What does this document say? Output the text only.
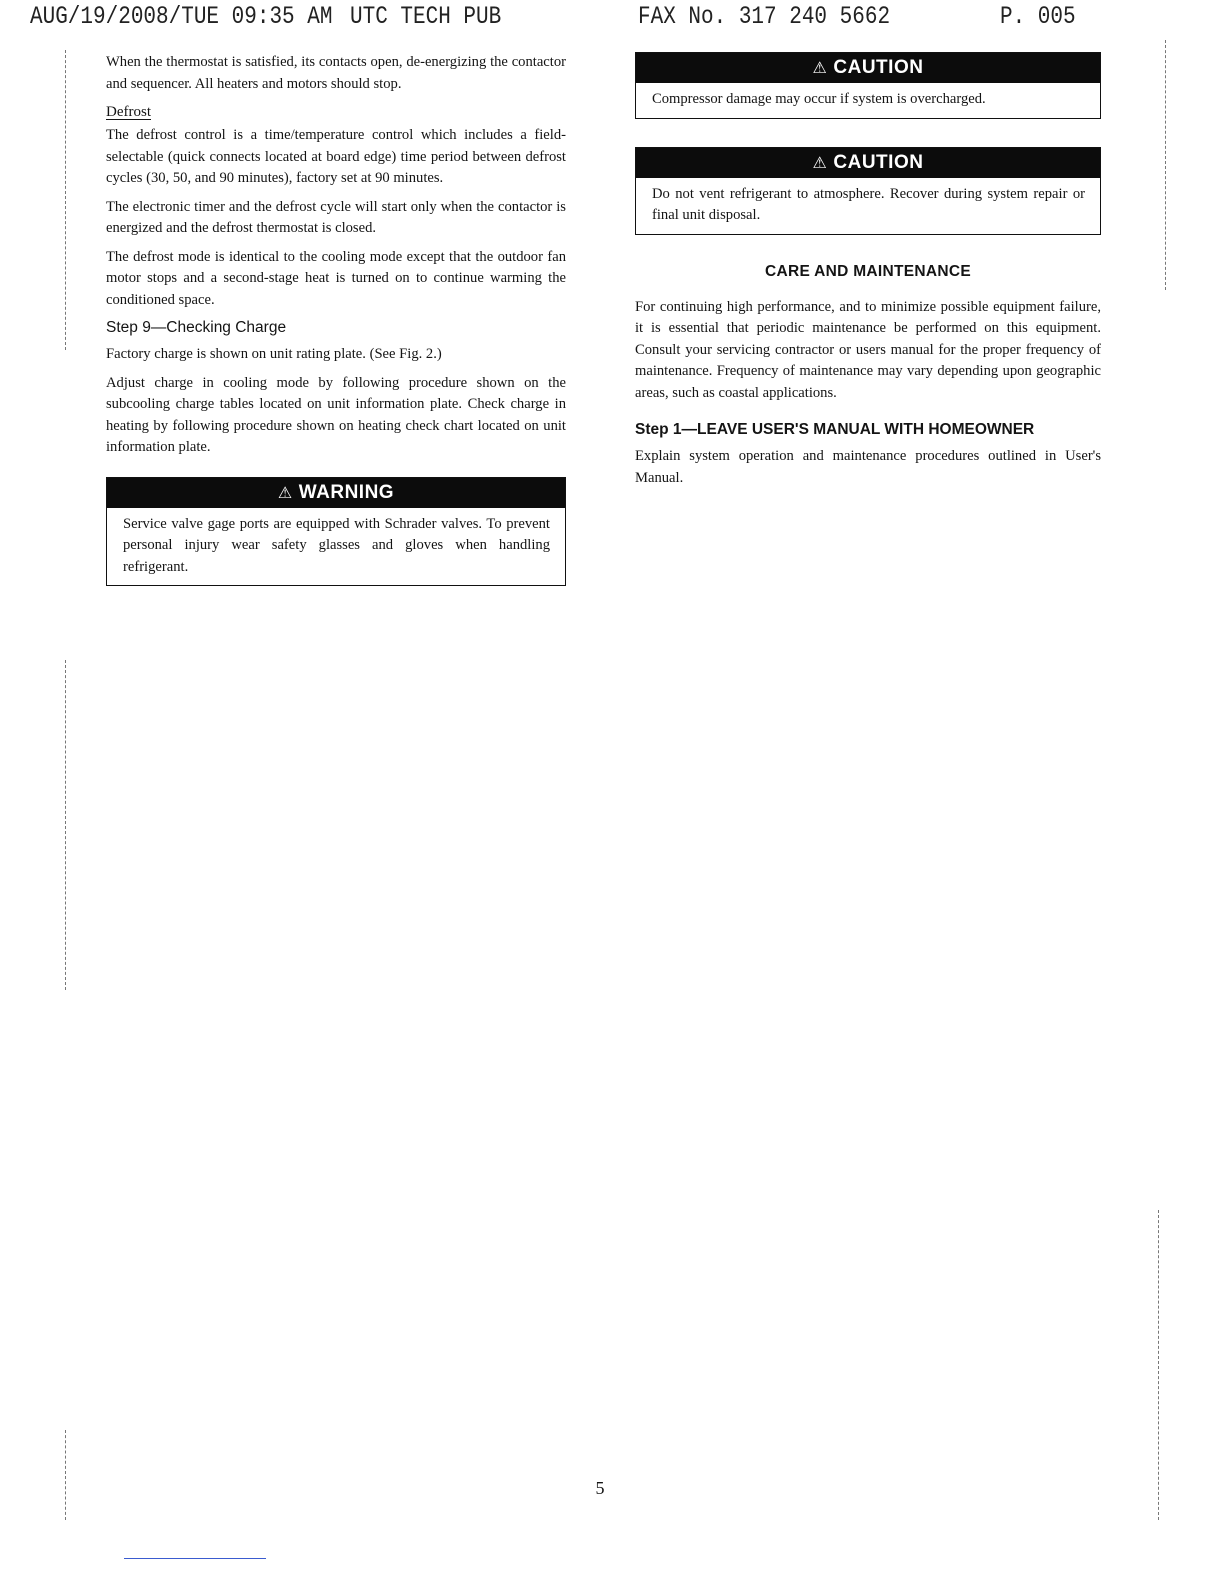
AUG/19/2008/TUE 09:35 AM UTC TECH PUB	FAX No. 317 240 5662	P. 005

When the thermostat is satisfied, its contacts open, de-energizing the contactor and sequencer. All heaters and motors should stop.

Defrost

The defrost control is a time/temperature control which includes a field-selectable (quick connects located at board edge) time period between defrost cycles (30, 50, and 90 minutes), factory set at 90 minutes.

The electronic timer and the defrost cycle will start only when the contactor is energized and the defrost thermostat is closed.

The defrost mode is identical to the cooling mode except that the outdoor fan motor stops and a second-stage heat is turned on to continue warming the conditioned space.

Step 9—Checking Charge

Factory charge is shown on unit rating plate. (See Fig. 2.)

Adjust charge in cooling mode by following procedure shown on the subcooling charge tables located on unit information plate. Check charge in heating by following procedure shown on heating check chart located on unit information plate.

⚠ WARNING

Service valve gage ports are equipped with Schrader valves. To prevent personal injury wear safety glasses and gloves when handling refrigerant.

⚠ CAUTION

Compressor damage may occur if system is overcharged.

⚠ CAUTION

Do not vent refrigerant to atmosphere. Recover during system repair or final unit disposal.

CARE AND MAINTENANCE

For continuing high performance, and to minimize possible equipment failure, it is essential that periodic maintenance be performed on this equipment. Consult your servicing contractor or users manual for the proper frequency of maintenance. Frequency of maintenance may vary depending upon geographic areas, such as coastal applications.

Step 1—LEAVE USER'S MANUAL WITH HOMEOWNER

Explain system operation and maintenance procedures outlined in User's Manual.

5
